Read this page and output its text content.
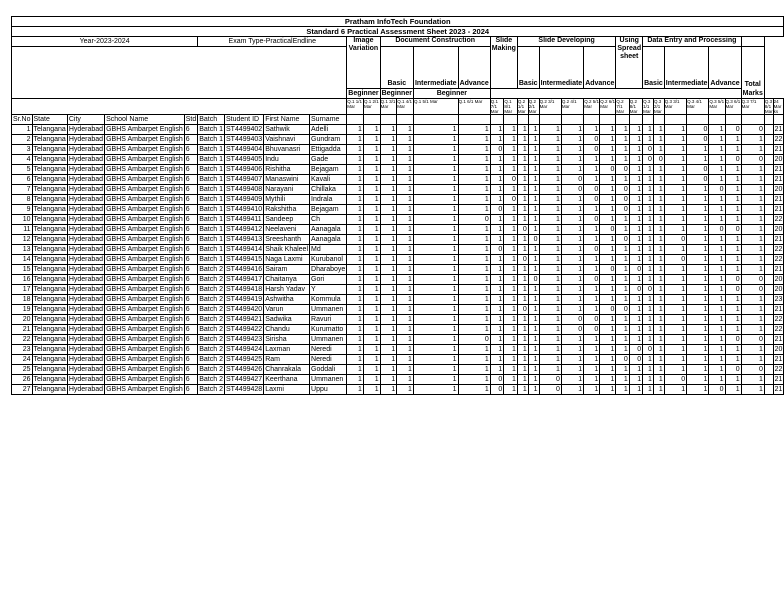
Pratham InfoTech Foundation																																	
Standard 6 Practical Assessment Sheet 2023 - 2024																																	
Year-2023-2024					Exam Type-PracticalEndline				Image Variation		Document Construction				Slide Making		Slide Developing						Using Spread sheet		Data Entry and Processing								
											Basic		Intermediate	Advance			Basic		Intermediate		Advance				Basic		Intermediate		Advance		Total Marks		
									Beginner		Beginner		Beginner																				
									Q.1 1/1 Mar	Q.1 2/1 Mar	Q.1 3/1 Mar	Q.1 4/1 Mar	Q.1 5/1 Mar	Q.1 6/1 Mar	Q.1 7/1 Mar	Q.1 8/1 Mar	Q.2 1/1 Mar	Q.2 2/1 Mar	Q.2 3/1 Mar	Q.2 4/1 Mar	Q.2 5/1 Mar	Q.2 6/1 Mar	Q.2 7/1 Mar	Q.2 8/1 Mar	Q.3 1/1 Mar	Q.3 2/1 Mar	Q.3 3/1 Mar	Q.3 4/1 Mar	Q.3 5/1 Mar	Q.3 6/1 Mar	Q.3 7/1 Mar	Q.3 8/1 Mar	24 Mar ks
Sr.No	State	City	School Name	Std	Batch	Student ID	First Name	Surname																									
1	Telangana	Hyderabad	GBHS Ambarpet English	6	Batch 1	ST4499402	Sathwik	Adelli	1	1	1	1	1	1	1	1	1	1	1	1	1	1	1	1	1	1	1	0	1	0	0		21
2	Telangana	Hyderabad	GBHS Ambarpet English	6	Batch 1	ST4499403	Vaishnavi	Gundram	1	1	1	1	1	1	1	1	1	1	1	1	0	1	1	1	1	1	1	0	1	1	1		22
3	Telangana	Hyderabad	GBHS Ambarpet English	6	Batch 1	ST4499404	Bhuvanasri	Ettigadda	1	1	1	1	1	1	0	1	1	1	1	1	0	1	1	1	0	1	1	1	1	1	1		21
4	Telangana	Hyderabad	GBHS Ambarpet English	6	Batch 1	ST4499405	Indu	Gade	1	1	1	1	1	1	1	1	1	1	1	1	1	1	1	1	0	0	1	1	1	0	0		20
5	Telangana	Hyderabad	GBHS Ambarpet English	6	Batch 1	ST4499406	Rishitha	Bejagam	1	1	1	1	1	1	1	1	1	1	1	1	1	0	0	1	1	1	1	0	1	1	1		21
6	Telangana	Hyderabad	GBHS Ambarpet English	6	Batch 1	ST4499407	Manaswini	Kavali	1	1	1	1	1	1	1	0	1	1	1	0	1	1	1	1	1	1	1	0	1	1	1		21
7	Telangana	Hyderabad	GBHS Ambarpet English	6	Batch 1	ST4499408	Narayani	Chillaka	1	1	1	1	1	1	1	1	1	1	1	0	0	1	0	1	1	1	1	1	0	1	1		20
8	Telangana	Hyderabad	GBHS Ambarpet English	6	Batch 1	ST4499409	Mythili	Indrala	1	1	1	1	1	1	1	0	1	1	1	1	0	1	0	1	1	1	1	1	1	1	1		21
9	Telangana	Hyderabad	GBHS Ambarpet English	6	Batch 1	ST4499410	Rakshitha	Bejagam	1	1	1	1	1	1	0	1	1	1	1	1	1	1	0	1	1	1	1	1	1	1	1		21
10	Telangana	Hyderabad	GBHS Ambarpet English	6	Batch 1	ST4499411	Sandeep	Ch	1	1	1	1	1	0	1	1	1	1	1	1	0	1	1	1	1	1	1	1	1	1	1		22
11	Telangana	Hyderabad	GBHS Ambarpet English	6	Batch 1	ST4499412	Neelaveni	Aanagala	1	1	1	1	1	1	1	1	0	1	1	1	1	0	1	1	1	1	1	1	0	0	1		20
12	Telangana	Hyderabad	GBHS Ambarpet English	6	Batch 1	ST4499413	Sreeshanth	Aanagala	1	1	1	1	1	1	1	1	1	0	1	1	1	1	0	1	1	1	0	1	1	1	1		21
13	Telangana	Hyderabad	GBHS Ambarpet English	6	Batch 1	ST4499414	Shaik Khaleel	Md	1	1	1	1	1	1	0	1	1	1	1	1	0	1	1	1	1	1	1	1	1	1	1		22
14	Telangana	Hyderabad	GBHS Ambarpet English	6	Batch 1	ST4499415	Naga Laxmi	Kurubanol	1	1	1	1	1	1	1	1	0	1	1	1	1	1	1	1	1	1	0	1	1	1	1		22
15	Telangana	Hyderabad	GBHS Ambarpet English	6	Batch 2	ST4499416	Sairam	Dharaboye	1	1	1	1	1	1	1	1	1	1	1	1	1	0	1	0	1	1	1	1	1	1	1		21
16	Telangana	Hyderabad	GBHS Ambarpet English	6	Batch 2	ST4499417	Chaitanya	Gori	1	1	1	1	1	1	1	1	1	0	1	1	0	1	1	1	1	1	1	1	1	0	0		20
17	Telangana	Hyderabad	GBHS Ambarpet English	6	Batch 2	ST4499418	Harsh Yadav	Y	1	1	1	1	1	1	1	1	1	1	1	1	1	1	1	0	0	1	1	1	1	0	0		20
18	Telangana	Hyderabad	GBHS Ambarpet English	6	Batch 2	ST4499419	Ashwitha	Kommula	1	1	1	1	1	1	1	1	1	1	1	1	1	1	1	1	1	1	1	1	1	1	1		23
19	Telangana	Hyderabad	GBHS Ambarpet English	6	Batch 2	ST4499420	Varun	Ummanen	1	1	1	1	1	1	1	1	0	1	1	1	1	0	0	1	1	1	1	1	1	1	1		21
20	Telangana	Hyderabad	GBHS Ambarpet English	6	Batch 2	ST4499421	Sadwika	Ravuri	1	1	1	1	1	1	1	1	1	1	1	0	0	1	1	1	1	1	1	1	1	1	1		22
21	Telangana	Hyderabad	GBHS Ambarpet English	6	Batch 2	ST4499422	Chandu	Kurumatto	1	1	1	1	1	1	1	1	1	1	1	0	0	1	1	1	1	1	1	1	1	1	1		22
22	Telangana	Hyderabad	GBHS Ambarpet English	6	Batch 2	ST4499423	Sirisha	Ummanen	1	1	1	1	1	0	1	1	1	1	1	1	1	1	1	1	1	1	1	1	1	0	0		21
23	Telangana	Hyderabad	GBHS Ambarpet English	6	Batch 2	ST4499424	Laxman	Neredi	1	1	1	1	1	1	1	1	1	1	1	1	1	1	1	0	0	1	1	1	1	1	1		20
24	Telangana	Hyderabad	GBHS Ambarpet English	6	Batch 2	ST4499425	Ram	Neredi	1	1	1	1	1	1	1	1	1	1	1	1	1	1	0	0	1	1	1	1	1	1	1		21
25	Telangana	Hyderabad	GBHS Ambarpet English	6	Batch 2	ST4499426	Chanrakala	Goddali	1	1	1	1	1	1	1	1	1	1	1	1	1	1	1	1	1	1	1	1	1	0	0		22
26	Telangana	Hyderabad	GBHS Ambarpet English	6	Batch 2	ST4499427	Keerthana	Ummanen	1	1	1	1	1	1	0	1	1	1	0	1	1	1	1	1	1	1	0	1	1	1	1		21
27	Telangana	Hyderabad	GBHS Ambarpet English	6	Batch 2	ST4499428	Laxmi	Uppu	1	1	1	1	1	1	0	1	1	1	0	1	1	1	1	1	1	1	1	1	0	1	1		21
